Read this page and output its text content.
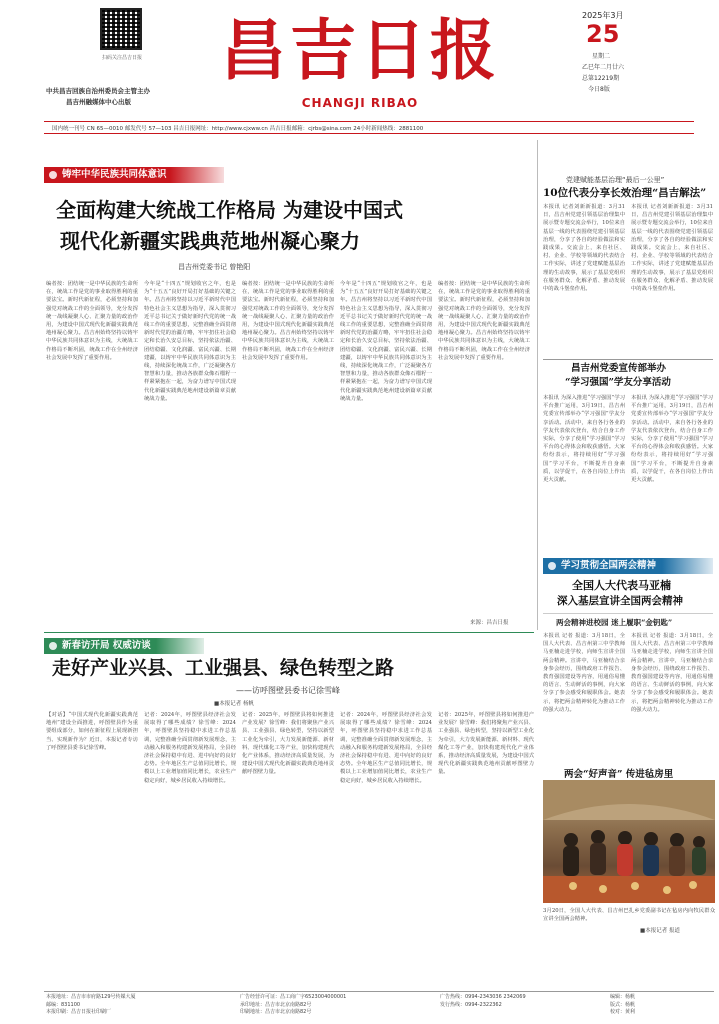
扫码关注昌吉日报
中共昌吉回族自治州委员会主管主办
昌吉州融媒体中心出版
昌吉日报
CHANGJI RIBAO
2025年3月
25
星期二
乙巳年二月廿六
总第12219期
今日8版
国内统一刊号 CN 65—0010 邮发代号 57—103 昌吉日报网址：http://www.cjxww.cn 昌吉日报邮箱：cjrbs@sina.com 24小时新闻热线：2881100
铸牢中华民族共同体意识
全面构建大统战工作格局 为建设中国式
现代化新疆实践典范地州凝心聚力
昌吉州党委书记 曾艳阳
编者按：团结统一是中华民族的生命所在，统战工作是党的事业取得胜利的重要法宝。新时代新征程，必须坚持和加强党对统战工作的全面领导，充分发挥统一战线凝聚人心、汇聚力量的政治作用，为建设中国式现代化新疆实践典范地州凝心聚力。昌吉州始终坚持以铸牢中华民族共同体意识为主线，大统战工作格局不断巩固，统战工作在全州经济社会发展中发挥了重要作用。
今年是“十四五”规划收官之年，也是为“十五五”良好开局打好基础的关键之年。昌吉州将坚持以习近平新时代中国特色社会主义思想为指导，深入贯彻习近平总书记关于做好新时代党的统一战线工作的重要思想，完整准确全面贯彻新时代党的治疆方略，牢牢扭住社会稳定和长治久安总目标，坚持依法治疆、团结稳疆、文化润疆、富民兴疆、长期建疆，以铸牢中华民族共同体意识为主线，持续深化统战工作，广泛凝聚各方智慧和力量，推动各族群众像石榴籽一样紧紧抱在一起，为奋力谱写中国式现代化新疆实践典范地州建设新篇章贡献统战力量。
编者按：团结统一是中华民族的生命所在，统战工作是党的事业取得胜利的重要法宝。新时代新征程，必须坚持和加强党对统战工作的全面领导，充分发挥统一战线凝聚人心、汇聚力量的政治作用，为建设中国式现代化新疆实践典范地州凝心聚力。昌吉州始终坚持以铸牢中华民族共同体意识为主线，大统战工作格局不断巩固，统战工作在全州经济社会发展中发挥了重要作用。
今年是“十四五”规划收官之年，也是为“十五五”良好开局打好基础的关键之年。昌吉州将坚持以习近平新时代中国特色社会主义思想为指导，深入贯彻习近平总书记关于做好新时代党的统一战线工作的重要思想，完整准确全面贯彻新时代党的治疆方略，牢牢扭住社会稳定和长治久安总目标，坚持依法治疆、团结稳疆、文化润疆、富民兴疆、长期建疆，以铸牢中华民族共同体意识为主线，持续深化统战工作，广泛凝聚各方智慧和力量，推动各族群众像石榴籽一样紧紧抱在一起，为奋力谱写中国式现代化新疆实践典范地州建设新篇章贡献统战力量。
编者按：团结统一是中华民族的生命所在，统战工作是党的事业取得胜利的重要法宝。新时代新征程，必须坚持和加强党对统战工作的全面领导，充分发挥统一战线凝聚人心、汇聚力量的政治作用，为建设中国式现代化新疆实践典范地州凝心聚力。昌吉州始终坚持以铸牢中华民族共同体意识为主线，大统战工作格局不断巩固，统战工作在全州经济社会发展中发挥了重要作用。
来源：昌吉日报
党建赋能基层治理“最后一公里”
10位代表分享长效治理“昌吉解法”
本报讯 记者刘新新报道：3月31日，昌吉州党建引领基层治理集中展示暨专题交流会举行，10位来自基层一线的代表围绕党建引领基层治理，分享了各自的经验做法和实践成果。交流会上，来自社区、村、企业、学校等领域的代表结合工作实际，讲述了党建赋能基层治理的生动故事，展示了基层党组织在服务群众、化解矛盾、推动发展中的战斗堡垒作用。
本报讯 记者刘新新报道：3月31日，昌吉州党建引领基层治理集中展示暨专题交流会举行，10位来自基层一线的代表围绕党建引领基层治理，分享了各自的经验做法和实践成果。交流会上，来自社区、村、企业、学校等领域的代表结合工作实际，讲述了党建赋能基层治理的生动故事，展示了基层党组织在服务群众、化解矛盾、推动发展中的战斗堡垒作用。
昌吉州党委宣传部举办
“学习强国”学友分享活动
本报讯 为深入推进“学习强国”学习平台推广运用，3月19日，昌吉州党委宣传部举办“学习强国”学友分享活动。活动中，来自各行各业的学友代表依次登台，结合自身工作实际，分享了使用“学习强国”学习平台的心得体会和收获感悟。大家纷纷表示，将持续用好“学习强国”学习平台，不断提升自身素质，以学促干，在各自岗位上作出更大贡献。
本报讯 为深入推进“学习强国”学习平台推广运用，3月19日，昌吉州党委宣传部举办“学习强国”学友分享活动。活动中，来自各行各业的学友代表依次登台，结合自身工作实际，分享了使用“学习强国”学习平台的心得体会和收获感悟。大家纷纷表示，将持续用好“学习强国”学习平台，不断提升自身素质，以学促干，在各自岗位上作出更大贡献。
学习贯彻全国两会精神
全国人大代表马亚楠
深入基层宣讲全国两会精神
两会精神进校园 迷上履职“金钥匙”
本报讯 记者 报道：3月18日，全国人大代表、昌吉州第三中学教师马亚楠走进学校，向师生宣讲全国两会精神。宣讲中，马亚楠结合亲身参会经历，围绕政府工作报告、教育强国建设等内容，用通俗易懂的语言、生动鲜活的事例，向大家分享了参会感受和履职体会。她表示，将把两会精神转化为推动工作的强大动力。
本报讯 记者 报道：3月18日，全国人大代表、昌吉州第三中学教师马亚楠走进学校，向师生宣讲全国两会精神。宣讲中，马亚楠结合亲身参会经历，围绕政府工作报告、教育强国建设等内容，用通俗易懂的语言、生动鲜活的事例，向大家分享了参会感受和履职体会。她表示，将把两会精神转化为推动工作的强大动力。
两会“好声音” 传进毡房里
3月20日，全国人大代表、昌吉州巴扎乡党委副书记在毡房内向牧民群众宣讲全国两会精神。
■本报记者 报道
新春访开局 权威访谈
走好产业兴县、工业强县、绿色转型之路
——访呼图壁县委书记徐雪峰
■本报记者 杨帆
【对话】“中国式现代化新疆实践典范地州”建设全面推进，呼图壁县作为重要组成部分，如何在新征程上展现新担当、实现新作为？近日，本报记者专访了呼图壁县委书记徐雪峰。
记者：2024年，呼图壁县经济社会发展取得了哪些成绩？徐雪峰：2024年，呼图壁县坚持稳中求进工作总基调，完整准确全面贯彻新发展理念，主动融入和服务构建新发展格局，全县经济社会保持稳中有进、进中向好的良好态势。全年地区生产总值同比增长，规模以上工业增加值同比增长，农业生产稳定向好，城乡居民收入持续增长。
记者：2025年，呼图壁县将如何推进产业发展？徐雪峰：我们将聚焦产业兴县、工业强县、绿色转型，坚持以新型工业化为牵引，大力发展新能源、新材料、现代煤化工等产业，加快构建现代化产业体系，推动经济高质量发展，为建设中国式现代化新疆实践典范地州贡献呼图壁力量。
记者：2024年，呼图壁县经济社会发展取得了哪些成绩？徐雪峰：2024年，呼图壁县坚持稳中求进工作总基调，完整准确全面贯彻新发展理念，主动融入和服务构建新发展格局，全县经济社会保持稳中有进、进中向好的良好态势。全年地区生产总值同比增长，规模以上工业增加值同比增长，农业生产稳定向好，城乡居民收入持续增长。
记者：2025年，呼图壁县将如何推进产业发展？徐雪峰：我们将聚焦产业兴县、工业强县、绿色转型，坚持以新型工业化为牵引，大力发展新能源、新材料、现代煤化工等产业，加快构建现代化产业体系，推动经济高质量发展，为建设中国式现代化新疆实践典范地州贡献呼图壁力量。
本报地址：昌吉市市府路129号传媒大厦
邮编：831100
本报印刷：昌吉日报社印刷厂
广告经营许可证：昌工商广字6523004000001
承印地址：昌吉市北京南路82号
印刷地址：昌吉市北京南路82号
广告热线：0994-2343036 2342069
发行热线：0994-2322362
编辑：杨帆
版式：杨帆
校对：黄利
